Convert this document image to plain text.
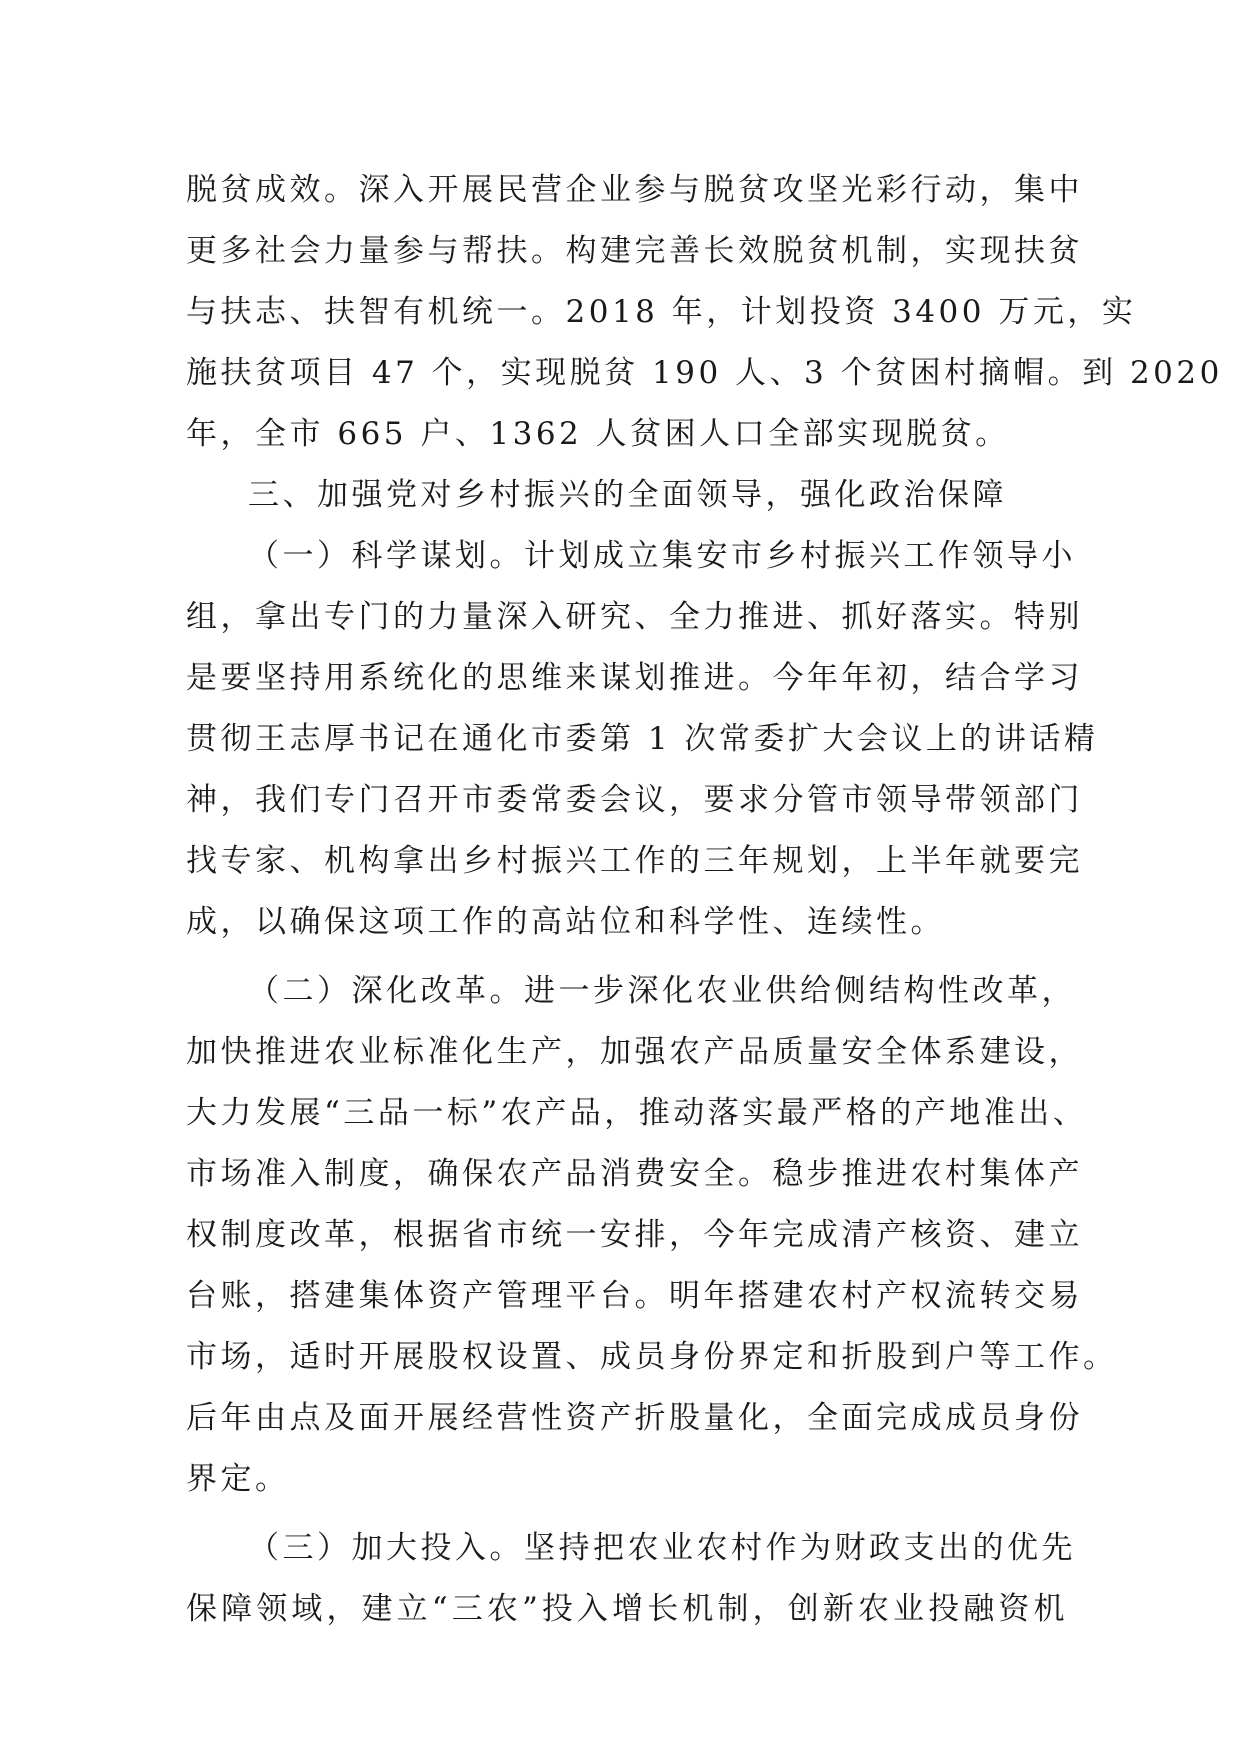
脱贫成效。深入开展民营企业参与脱贫攻坚光彩行动，集中
更多社会力量参与帮扶。构建完善长效脱贫机制，实现扶贫
与扶志、扶智有机统一。2018 年，计划投资 3400 万元，实
施扶贫项目 47 个，实现脱贫 190 人、3 个贫困村摘帽。到 2020
年，全市 665 户、1362 人贫困人口全部实现脱贫。
三、加强党对乡村振兴的全面领导，强化政治保障
（一）科学谋划。计划成立集安市乡村振兴工作领导小
组，拿出专门的力量深入研究、全力推进、抓好落实。特别
是要坚持用系统化的思维来谋划推进。今年年初，结合学习
贯彻王志厚书记在通化市委第 1 次常委扩大会议上的讲话精
神，我们专门召开市委常委会议，要求分管市领导带领部门
找专家、机构拿出乡村振兴工作的三年规划，上半年就要完
成，以确保这项工作的高站位和科学性、连续性。
（二）深化改革。进一步深化农业供给侧结构性改革，
加快推进农业标准化生产，加强农产品质量安全体系建设，
大力发展“三品一标”农产品，推动落实最严格的产地准出、
市场准入制度，确保农产品消费安全。稳步推进农村集体产
权制度改革，根据省市统一安排，今年完成清产核资、建立
台账，搭建集体资产管理平台。明年搭建农村产权流转交易
市场，适时开展股权设置、成员身份界定和折股到户等工作。
后年由点及面开展经营性资产折股量化，全面完成成员身份
界定。
（三）加大投入。坚持把农业农村作为财政支出的优先
保障领域，建立“三农”投入增长机制，创新农业投融资机
